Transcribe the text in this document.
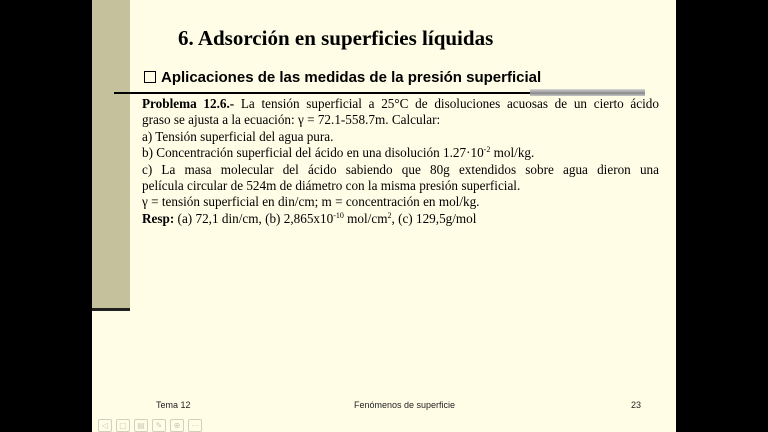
6. Adsorción en superficies líquidas
Aplicaciones de las medidas de la presión superficial
Problema 12.6.- La tensión superficial a 25°C de disoluciones acuosas de un cierto ácido
graso se ajusta a la ecuación: γ = 72.1-558.7m. Calcular:
a) Tensión superficial del agua pura.
b) Concentración superficial del ácido en una disolución $1.27\cdot 10^{-2}$ mol/kg.
c) La masa molecular del ácido sabiendo que 80g extendidos sobre agua dieron una
película circular de 524m de diámetro con la misma presión superficial.
γ = tensión superficial en din/cm; m = concentración en mol/kg.
Resp: (a) 72,1 din/cm, (b) $2,865x10^{-10}$ mol/$cm^2$, (c) 129,5g/mol
Tema 12	Fenómenos de superficie	23
◁	▢	▤	✎	⊕	⋯
